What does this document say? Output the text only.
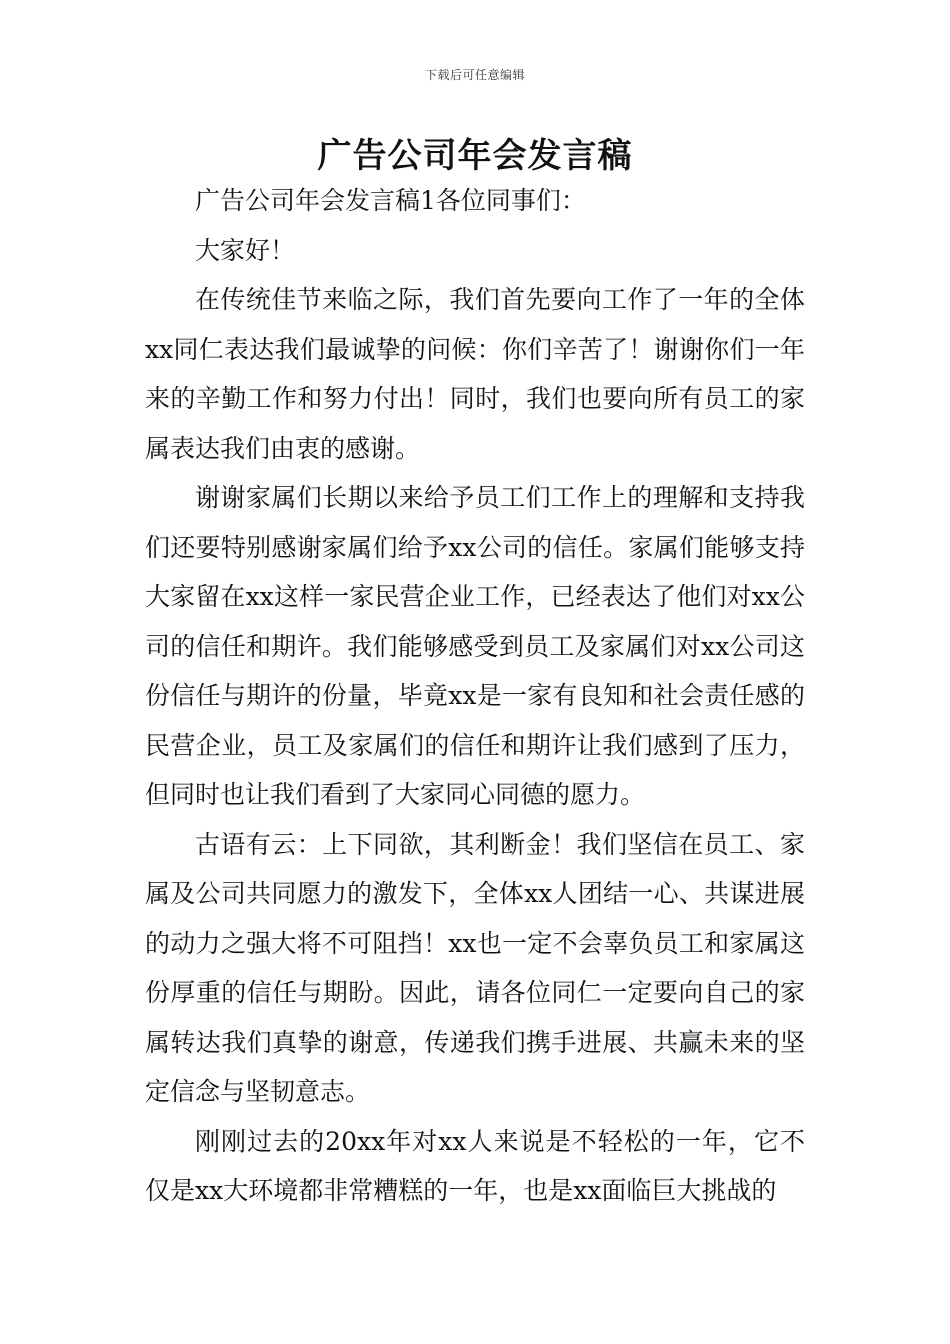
下载后可任意编辑
广告公司年会发言稿

广告公司年会发言稿1各位同事们：

大家好！

在传统佳节来临之际，我们首先要向工作了一年的全体xx同仁表达我们最诚挚的问候：你们辛苦了！谢谢你们一年来的辛勤工作和努力付出！同时，我们也要向所有员工的家属表达我们由衷的感谢。

谢谢家属们长期以来给予员工们工作上的理解和支持我们还要特别感谢家属们给予xx公司的信任。家属们能够支持大家留在xx这样一家民营企业工作，已经表达了他们对xx公司的信任和期许。我们能够感受到员工及家属们对xx公司这份信任与期许的份量，毕竟xx是一家有良知和社会责任感的民营企业，员工及家属们的信任和期许让我们感到了压力，但同时也让我们看到了大家同心同德的愿力。

古语有云：上下同欲，其利断金！我们坚信在员工、家属及公司共同愿力的激发下，全体xx人团结一心、共谋进展的动力之强大将不可阻挡！xx也一定不会辜负员工和家属这份厚重的信任与期盼。因此，请各位同仁一定要向自己的家属转达我们真挚的谢意，传递我们携手进展、共赢未来的坚定信念与坚韧意志。

刚刚过去的20xx年对xx人来说是不轻松的一年，它不仅是xx大环境都非常糟糕的一年，也是xx面临巨大挑战的
